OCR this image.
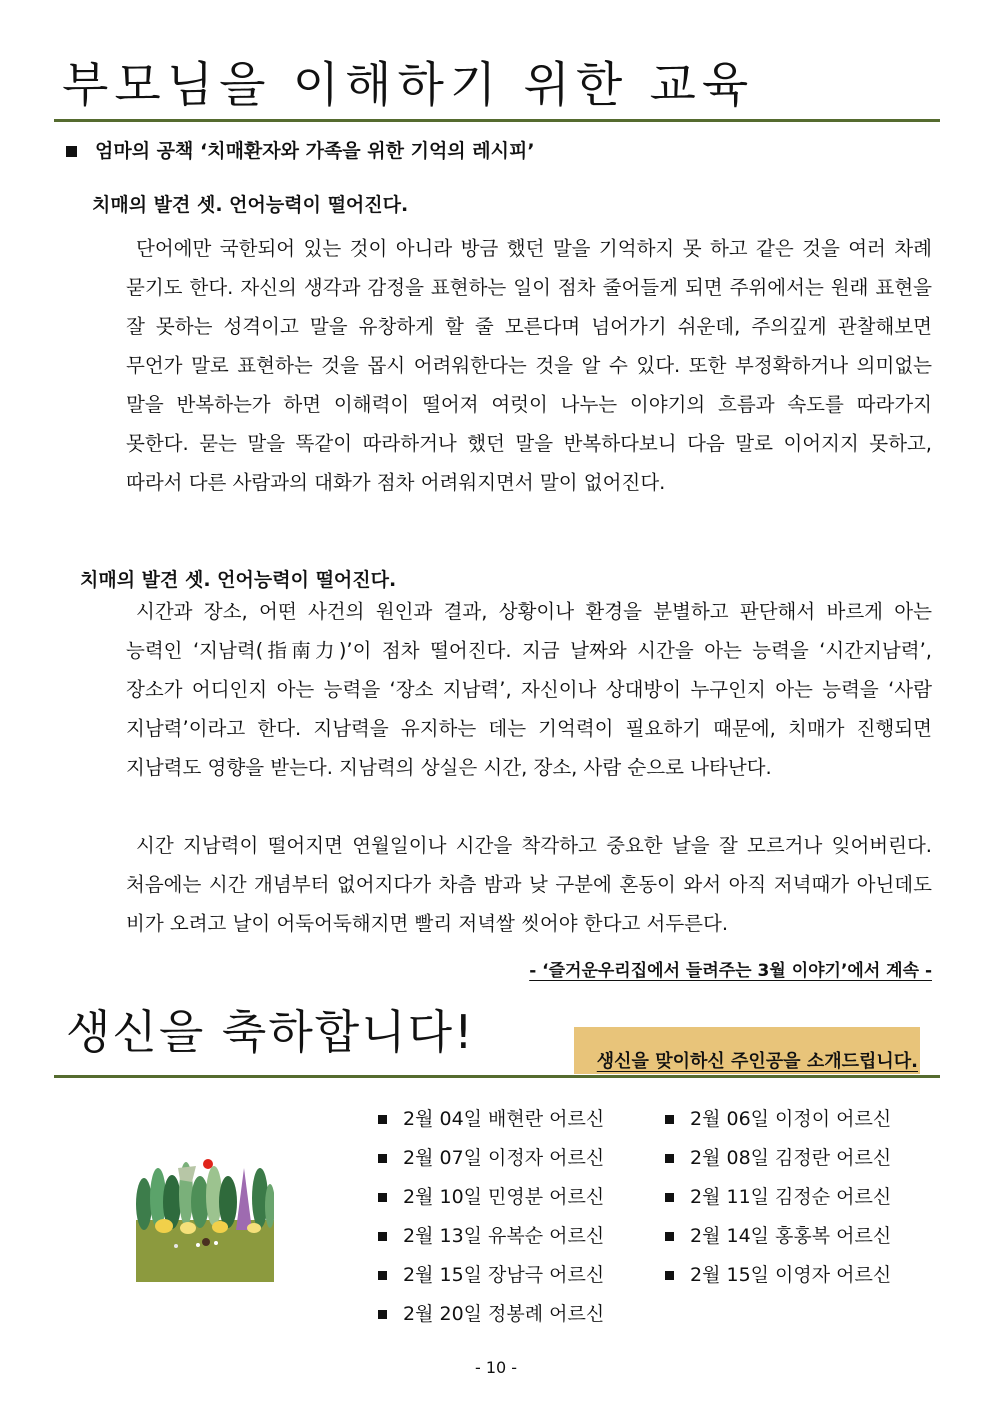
부모님을 이해하기 위한 교육
엄마의 공책 ‘치매환자와 가족을 위한 기억의 레시피’
치매의 발견 셋. 언어능력이 떨어진다.
단어에만 국한되어 있는 것이 아니라 방금 했던 말을 기억하지 못 하고 같은 것을 여러 차례 묻기도 한다. 자신의 생각과 감정을 표현하는 일이 점차 줄어들게 되면 주위에서는 원래 표현을 잘 못하는 성격이고 말을 유창하게 할 줄 모른다며 넘어가기 쉬운데, 주의깊게 관찰해보면 무언가 말로 표현하는 것을 몹시 어려워한다는 것을 알 수 있다. 또한 부정확하거나 의미없는 말을 반복하는가 하면 이해력이 떨어져 여럿이 나누는 이야기의 흐름과 속도를 따라가지 못한다. 묻는 말을 똑같이 따라하거나 했던 말을 반복하다보니 다음 말로 이어지지 못하고, 따라서 다른 사람과의 대화가 점차 어려워지면서 말이 없어진다.
치매의 발견 셋. 언어능력이 떨어진다.
시간과 장소, 어떤 사건의 원인과 결과, 상황이나 환경을 분별하고 판단해서 바르게 아는 능력인 ‘지남력(指南力)’이 점차 떨어진다. 지금 날짜와 시간을 아는 능력을 ‘시간지남력’, 장소가 어디인지 아는 능력을 ‘장소 지남력’, 자신이나 상대방이 누구인지 아는 능력을 ‘사람 지남력’이라고 한다. 지남력을 유지하는 데는 기억력이 필요하기 때문에, 치매가 진행되면 지남력도 영향을 받는다. 지남력의 상실은 시간, 장소, 사람 순으로 나타난다.
시간 지남력이 떨어지면 연월일이나 시간을 착각하고 중요한 날을 잘 모르거나 잊어버린다. 처음에는 시간 개념부터 없어지다가 차츰 밤과 낮 구분에 혼동이 와서 아직 저녁때가 아닌데도 비가 오려고 날이 어둑어둑해지면 빨리 저녁쌀 씻어야 한다고 서두른다.
- ‘즐거운우리집에서 들려주는 3월 이야기’에서 계속 -
생신을 축하합니다!
생신을 맞이하신 주인공을 소개드립니다.
2월 04일 배현란 어르신
2월 07일 이정자 어르신
2월 10일 민영분 어르신
2월 13일 유복순 어르신
2월 15일 장남극 어르신
2월 20일 정봉례 어르신
2월 06일 이정이 어르신
2월 08일 김정란 어르신
2월 11일 김정순 어르신
2월 14일 홍홍복 어르신
2월 15일 이영자 어르신
- 10 -
